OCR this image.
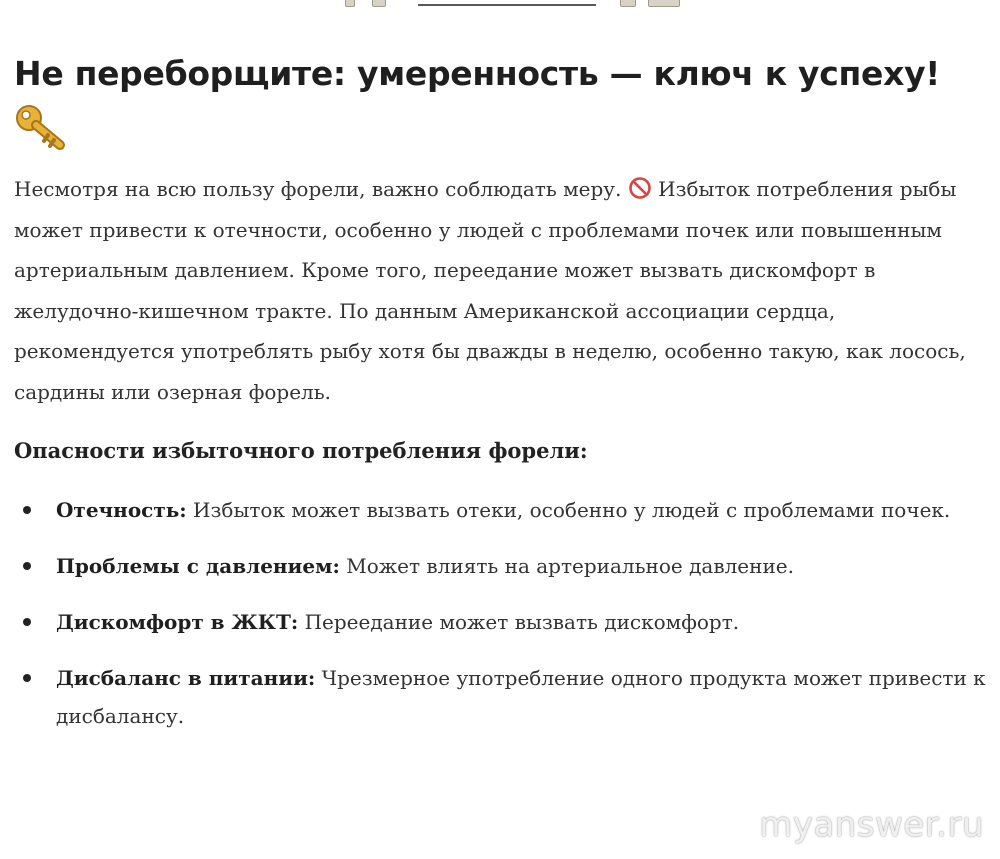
Не переборщите: умеренность — ключ к успеху!

Несмотря на всю пользу форели, важно соблюдать меру. Избыток потребления рыбы может привести к отечности, особенно у людей с проблемами почек или повышенным артериальным давлением. Кроме того, переедание может вызвать дискомфорт в желудочно-кишечном тракте. По данным Американской ассоциации сердца, рекомендуется употреблять рыбу хотя бы дважды в неделю, особенно такую, как лосось, сардины или озерная форель.

Опасности избыточного потребления форели:
Отечность: Избыток может вызвать отеки, особенно у людей с проблемами почек.
Проблемы с давлением: Может влиять на артериальное давление.
Дискомфорт в ЖКТ: Переедание может вызвать дискомфорт.
Дисбаланс в питании: Чрезмерное употребление одного продукта может привести к дисбалансу.
myanswer.ru
